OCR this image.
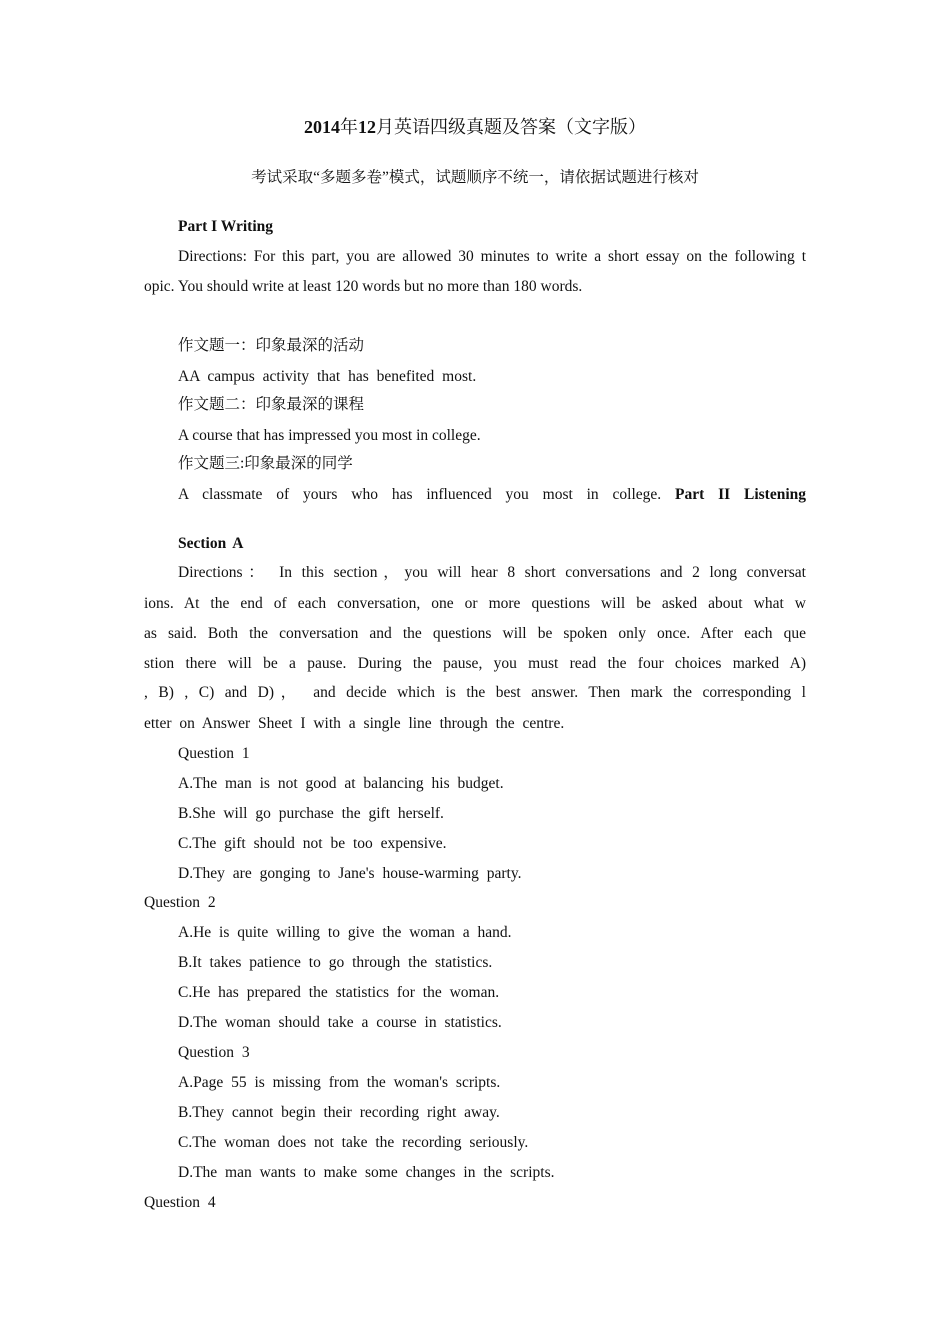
2014年12月英语四级真题及答案（文字版）
考试采取“多题多卷”模式，试题顺序不统一，请依据试题进行核对
Part I Writing
Directions: For this part, you are allowed 30 minutes to write a short essay on the following t
opic. You should write at least 120 words but no more than 180 words.
作文题一：印象最深的活动
AA campus activity that has benefited most.
作文题二：印象最深的课程
A course that has impressed you most in college.
作文题三:印象最深的同学
A classmate of yours who has influenced you most in college. Part II Listening
Section A
Directions： In this section，you will hear 8 short conversations and 2 long conversat
ions. At the end of each conversation, one or more questions will be asked about what w
as said. Both the conversation and the questions will be spoken only once. After each que
stion there will be a pause. During the pause, you must read the four choices marked A)
, B) , C) and D)， and decide which is the best answer. Then mark the corresponding l
etter on Answer Sheet I with a single line through the centre.
Question 1
A.The man is not good at balancing his budget.
B.She will go purchase the gift herself.
C.The gift should not be too expensive.
D.They are gonging to Jane's house-warming party.
Question 2
A.He is quite willing to give the woman a hand.
B.It takes patience to go through the statistics.
C.He has prepared the statistics for the woman.
D.The woman should take a course in statistics.
Question 3
A.Page 55 is missing from the woman's scripts.
B.They cannot begin their recording right away.
C.The woman does not take the recording seriously.
D.The man wants to make some changes in the scripts.
Question 4
